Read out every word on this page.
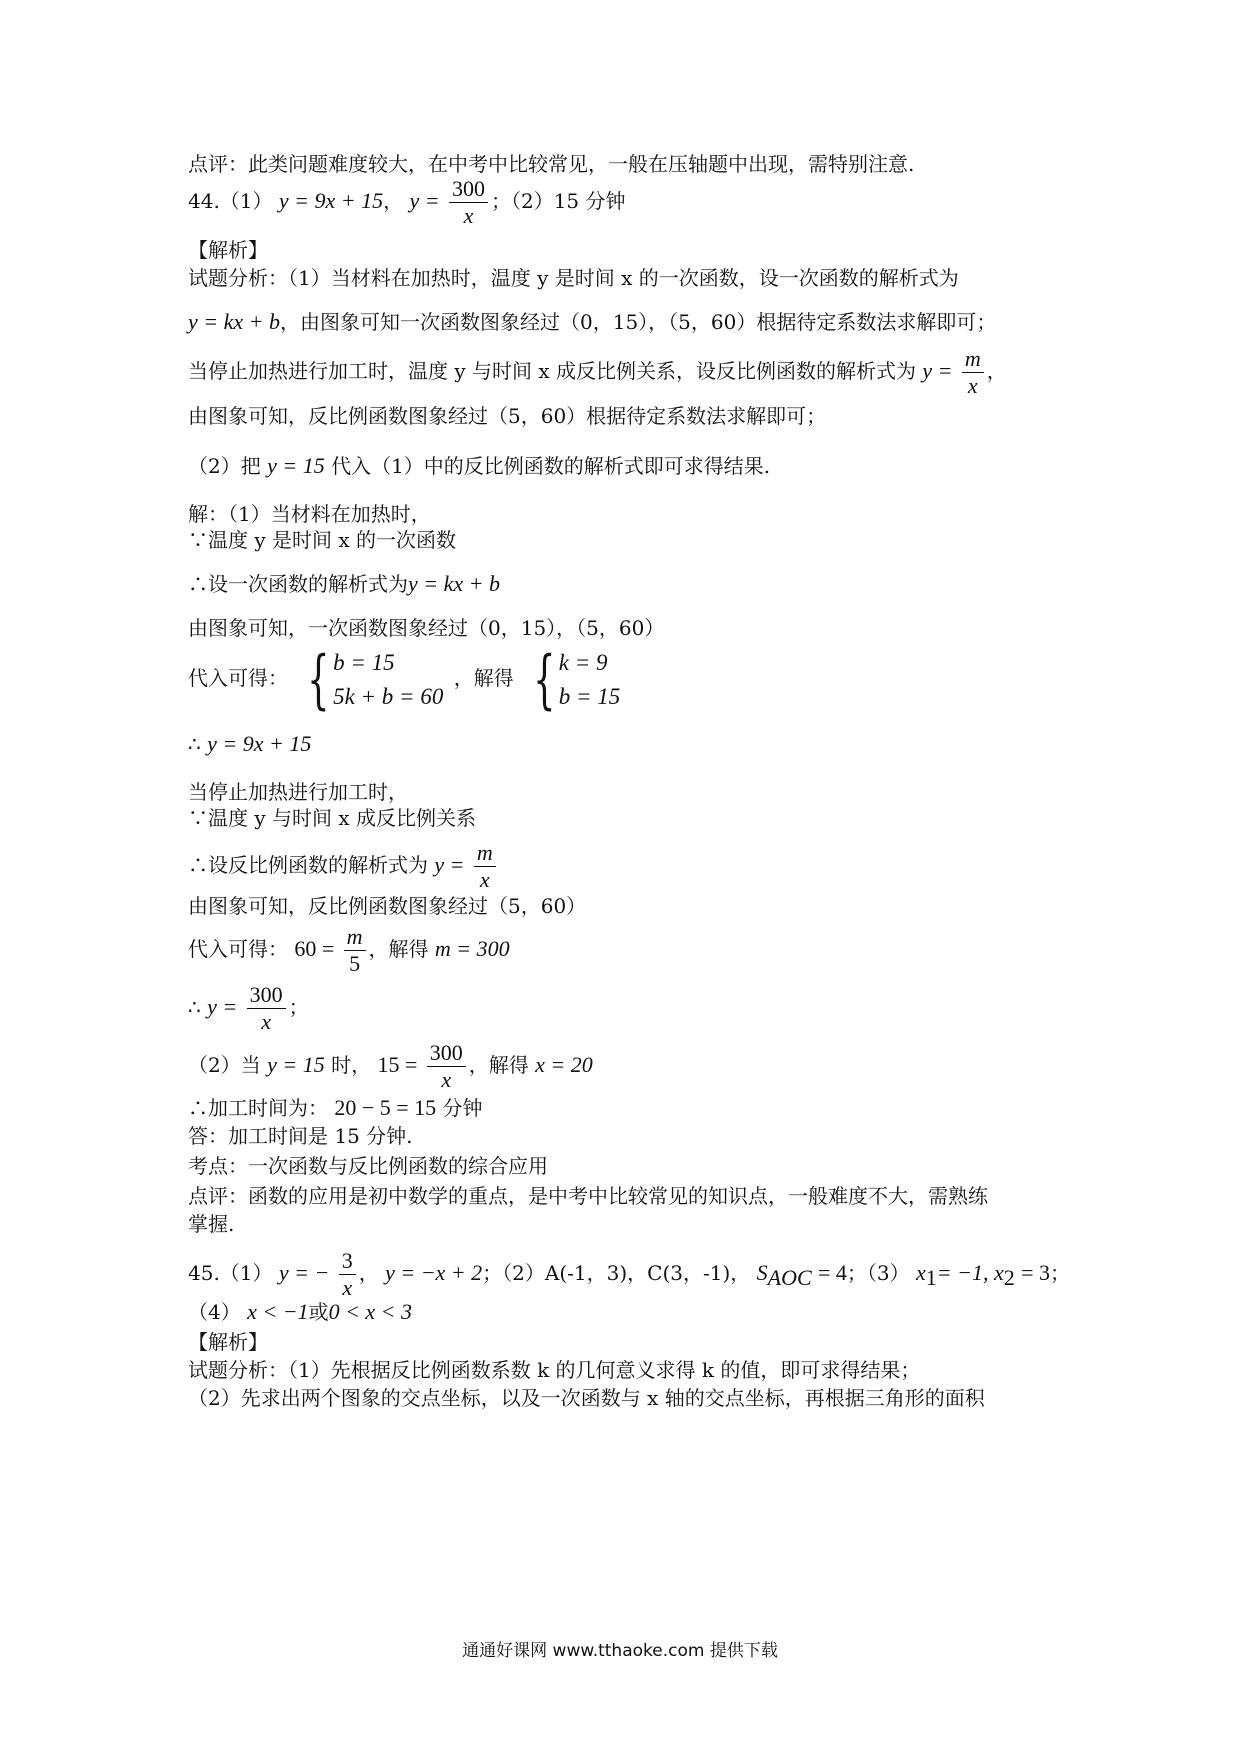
点评：此类问题难度较大，在中考中比较常见，一般在压轴题中出现，需特别注意.
44.（1） y = 9x + 15， $y = \frac{300}{x}$ ；（2）15 分钟
【解析】
试题分析：（1）当材料在加热时，温度 y 是时间 x 的一次函数，设一次函数的解析式为
y = kx + b，由图象可知一次函数图象经过（0，15），（5，60）根据待定系数法求解即可；
当停止加热进行加工时，温度 y 与时间 x 成反比例关系，设反比例函数的解析式为 $y = \frac{m}{x}$ ，
由图象可知，反比例函数图象经过（5，60）根据待定系数法求解即可；
（2）把 y = 15 代入（1）中的反比例函数的解析式即可求得结果.
解：（1）当材料在加热时，
∵温度 y 是时间 x 的一次函数
∴设一次函数的解析式为y = kx + b
由图象可知，一次函数图象经过（0，15），（5，60）
代入可得： { b = 15
5k + b = 60
，解得 { k = 9
b = 15
∴ y = 9x + 15
当停止加热进行加工时，
∵温度 y 与时间 x 成反比例关系
∴设反比例函数的解析式为 $y = \frac{m}{x}$
由图象可知，反比例函数图象经过（5，60）
代入可得： $60 = \frac{m}{5}$ ，解得 m = 300
∴ $y = \frac{300}{x}$ ；
（2）当 y = 15 时， $15 = \frac{300}{x}$ ，解得 x = 20
∴加工时间为： 20 − 5 = 15 分钟
答：加工时间是 15 分钟.
考点：一次函数与反比例函数的综合应用
点评：函数的应用是初中数学的重点，是中考中比较常见的知识点，一般难度不大，需熟练
掌握.
45.（1） y = − $\frac{3}{x}$ ， y = −x + 2；（2）A(-1，3)，C(3，-1)， $S_{AOC} = 4$；（3） $x_1= -1$, $x_2 = 3$；
（4） x < −1或0 < x < 3
【解析】
试题分析：（1）先根据反比例函数系数 k 的几何意义求得 k 的值，即可求得结果；
（2）先求出两个图象的交点坐标，以及一次函数与 x 轴的交点坐标，再根据三角形的面积
通通好课网 www.tthaoke.com 提供下载
